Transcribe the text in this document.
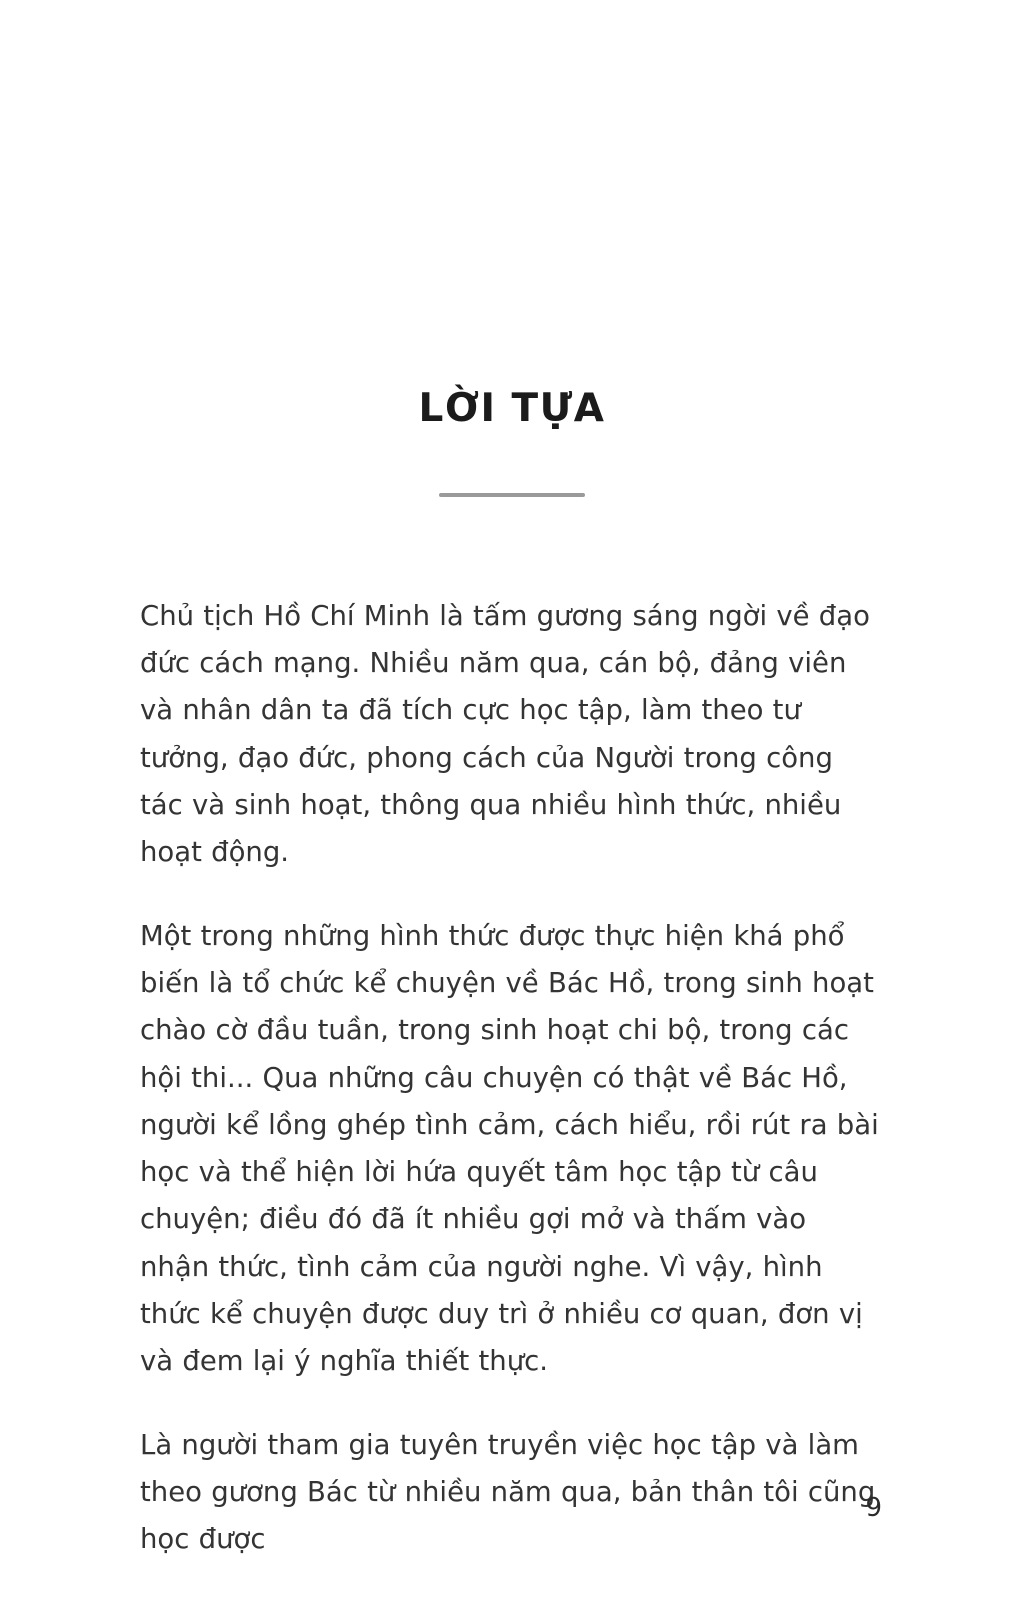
LỜI TỰA

Chủ tịch Hồ Chí Minh là tấm gương sáng ngời về đạo đức cách mạng. Nhiều năm qua, cán bộ, đảng viên và nhân dân ta đã tích cực học tập, làm theo tư tưởng, đạo đức, phong cách của Người trong công tác và sinh hoạt, thông qua nhiều hình thức, nhiều hoạt động.

Một trong những hình thức được thực hiện khá phổ biến là tổ chức kể chuyện về Bác Hồ, trong sinh hoạt chào cờ đầu tuần, trong sinh hoạt chi bộ, trong các hội thi... Qua những câu chuyện có thật về Bác Hồ, người kể lồng ghép tình cảm, cách hiểu, rồi rút ra bài học và thể hiện lời hứa quyết tâm học tập từ câu chuyện; điều đó đã ít nhiều gợi mở và thấm vào nhận thức, tình cảm của người nghe. Vì vậy, hình thức kể chuyện được duy trì ở nhiều cơ quan, đơn vị và đem lại ý nghĩa thiết thực.

Là người tham gia tuyên truyền việc học tập và làm theo gương Bác từ nhiều năm qua, bản thân tôi cũng học được

9
